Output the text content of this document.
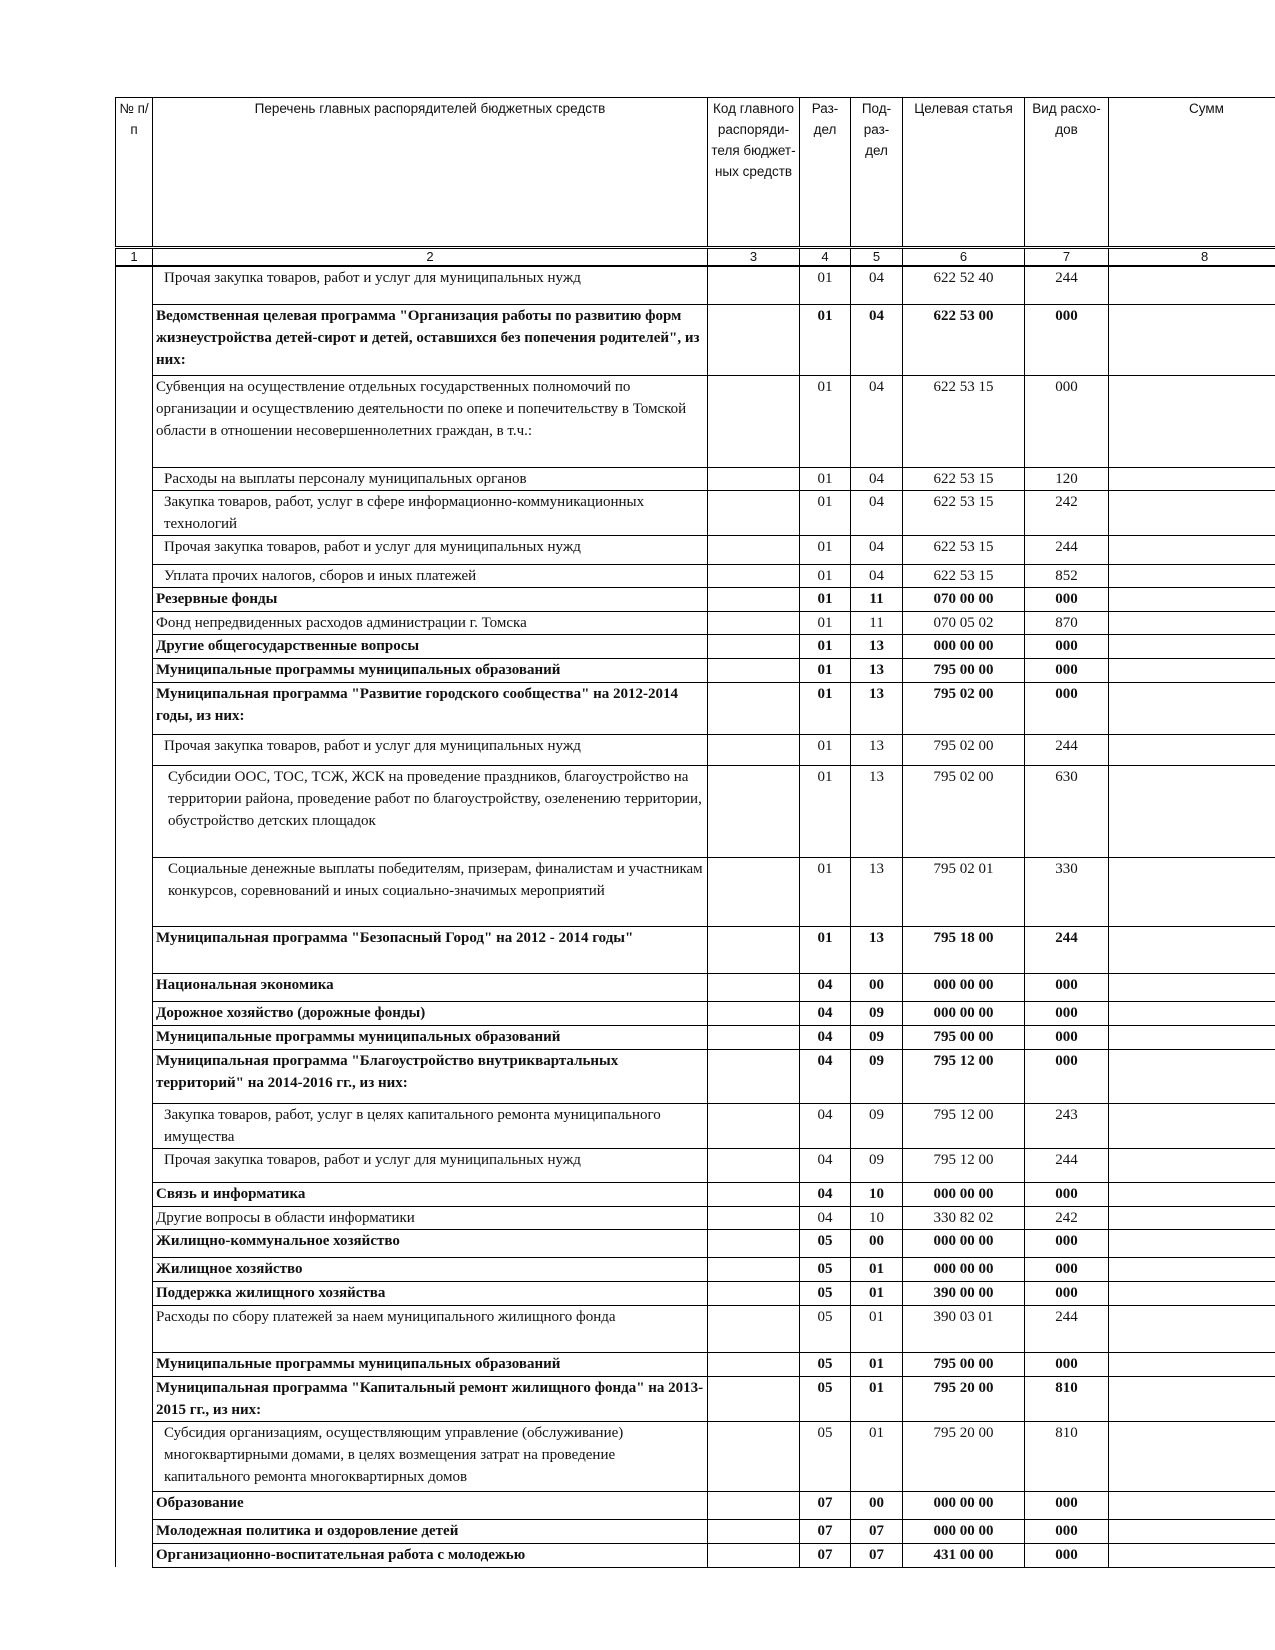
№ п/п	Перечень главных распорядителей бюджетных средств	Код главного распоряди-теля бюджет-ных средств	Раз-дел	Под-раз-дел	Целевая статья	Вид расхо-дов	Сумм
1	2	3	4	5	6	7	8
	Прочая закупка товаров, работ и услуг для муниципальных нужд		01	04	622 52 40	244	
	Ведомственная целевая программа "Организация работы по развитию форм жизнеустройства детей-сирот и детей, оставшихся без попечения родителей", из них:		01	04	622 53 00	000	
	Субвенция на осуществление отдельных государственных полномочий по организации и осуществлению деятельности по опеке и попечительству в Томской области в отношении несовершеннолетних граждан, в т.ч.:		01	04	622 53 15	000	
	Расходы на выплаты персоналу муниципальных органов		01	04	622 53 15	120	
	Закупка товаров, работ, услуг в сфере информационно-коммуникационных технологий		01	04	622 53 15	242	
	Прочая закупка товаров, работ и услуг для муниципальных нужд		01	04	622 53 15	244	
	Уплата прочих налогов, сборов и иных платежей		01	04	622 53 15	852	
	Резервные фонды		01	11	070 00 00	000	
	Фонд непредвиденных расходов администрации г. Томска		01	11	070 05 02	870	
	Другие общегосударственные вопросы		01	13	000 00 00	000	
	Муниципальные программы муниципальных образований		01	13	795 00 00	000	
	Муниципальная программа "Развитие городского сообщества" на 2012-2014 годы, из них:		01	13	795 02 00	000	
	Прочая закупка товаров, работ и услуг для муниципальных нужд		01	13	795 02 00	244	
	Субсидии ООС, ТОС, ТСЖ, ЖСК на проведение праздников, благоустройство на территории района, проведение работ по благоустройству, озеленению территории, обустройство детских площадок		01	13	795 02 00	630	
	Социальные денежные выплаты победителям, призерам, финалистам и участникам конкурсов, соревнований и иных социально-значимых мероприятий		01	13	795 02 01	330	
	Муниципальная программа "Безопасный Город" на 2012 - 2014 годы"		01	13	795 18 00	244	
	Национальная экономика		04	00	000 00 00	000	
	Дорожное хозяйство (дорожные фонды)		04	09	000 00 00	000	
	Муниципальные программы муниципальных образований		04	09	795 00 00	000	
	Муниципальная программа "Благоустройство внутриквартальных территорий" на 2014-2016 гг., из них:		04	09	795 12 00	000	
	Закупка товаров, работ, услуг в целях капитального ремонта муниципального имущества		04	09	795 12 00	243	
	Прочая закупка товаров, работ и услуг для муниципальных нужд		04	09	795 12 00	244	
	Связь и информатика		04	10	000 00 00	000	
	Другие вопросы в области информатики		04	10	330 82 02	242	
	Жилищно-коммунальное хозяйство		05	00	000 00 00	000	
	Жилищное хозяйство		05	01	000 00 00	000	
	Поддержка жилищного хозяйства		05	01	390 00 00	000	
	Расходы по сбору платежей за наем муниципального жилищного фонда		05	01	390 03 01	244	
	Муниципальные программы муниципальных образований		05	01	795 00 00	000	
	Муниципальная программа "Капитальный ремонт жилищного фонда" на 2013-2015 гг., из них:		05	01	795 20 00	810	
	Субсидия организациям, осуществляющим управление (обслуживание) многоквартирными домами, в целях возмещения затрат на проведение капитального ремонта многоквартирных домов		05	01	795 20 00	810	
	Образование		07	00	000 00 00	000	
	Молодежная политика и оздоровление детей		07	07	000 00 00	000	
	Организационно-воспитательная работа с молодежью		07	07	431 00 00	000	
